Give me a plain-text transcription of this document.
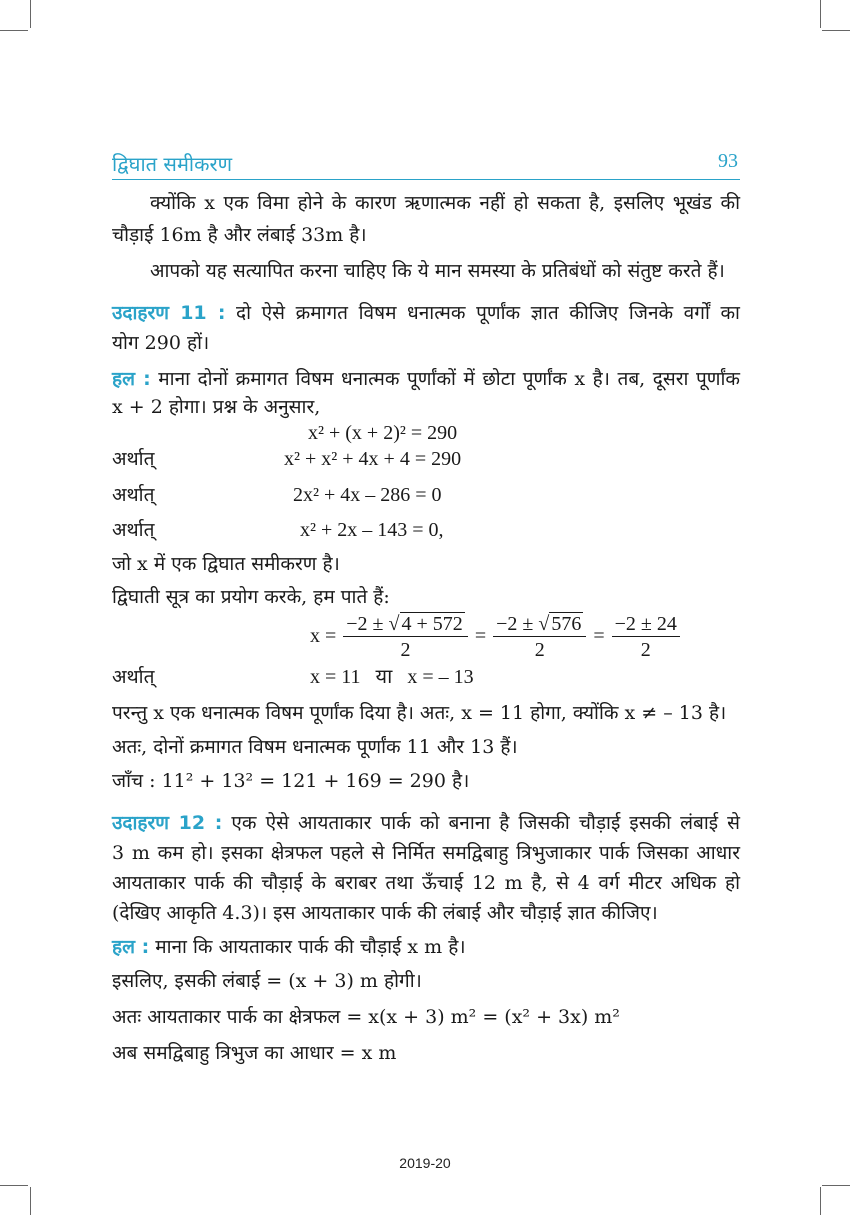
द्विघात समीकरण	93
क्योंकि x एक विमा होने के कारण ऋणात्मक नहीं हो सकता है, इसलिए भूखंड की
चौड़ाई 16m है और लंबाई 33m है।
आपको यह सत्यापित करना चाहिए कि ये मान समस्या के प्रतिबंधों को संतुष्ट करते हैं।
उदाहरण 11 : दो ऐसे क्रमागत विषम धनात्मक पूर्णांक ज्ञात कीजिए जिनके वर्गों का
योग 290 हों।
हल : माना दोनों क्रमागत विषम धनात्मक पूर्णांकों में छोटा पूर्णांक x है। तब, दूसरा पूर्णांक
x + 2 होगा। प्रश्न के अनुसार,
x² + (x + 2)² = 290
अर्थात्	x² + x² + 4x + 4 = 290
अर्थात्	2x² + 4x – 286 = 0
अर्थात्	x² + 2x – 143 = 0,
जो x में एक द्विघात समीकरण है।
द्विघाती सूत्र का प्रयोग करके, हम पाते हैं:
$x = \frac{-2 \pm √ 4 + 572}{2} = \frac{-2 \pm √ 576}{2} = \frac{-2 \pm 24}{2}$
अर्थात्	x = 11   या   x = – 13
परन्तु x एक धनात्मक विषम पूर्णांक दिया है। अतः, x = 11 होगा, क्योंकि x ≠ – 13 है।
अतः, दोनों क्रमागत विषम धनात्मक पूर्णांक 11 और 13 हैं।
जाँच : 11² + 13² = 121 + 169 = 290 है।
उदाहरण 12 : एक ऐसे आयताकार पार्क को बनाना है जिसकी चौड़ाई इसकी लंबाई से
3 m कम हो। इसका क्षेत्रफल पहले से निर्मित समद्विबाहु त्रिभुजाकार पार्क जिसका आधार
आयताकार पार्क की चौड़ाई के बराबर तथा ऊँचाई 12 m है, से 4 वर्ग मीटर अधिक हो
(देखिए आकृति 4.3)। इस आयताकार पार्क की लंबाई और चौड़ाई ज्ञात कीजिए।
हल : माना कि आयताकार पार्क की चौड़ाई x m है।
इसलिए, इसकी लंबाई = (x + 3) m होगी।
अतः आयताकार पार्क का क्षेत्रफल = x(x + 3) m² = (x² + 3x) m²
अब समद्विबाहु त्रिभुज का आधार = x m
2019-20
